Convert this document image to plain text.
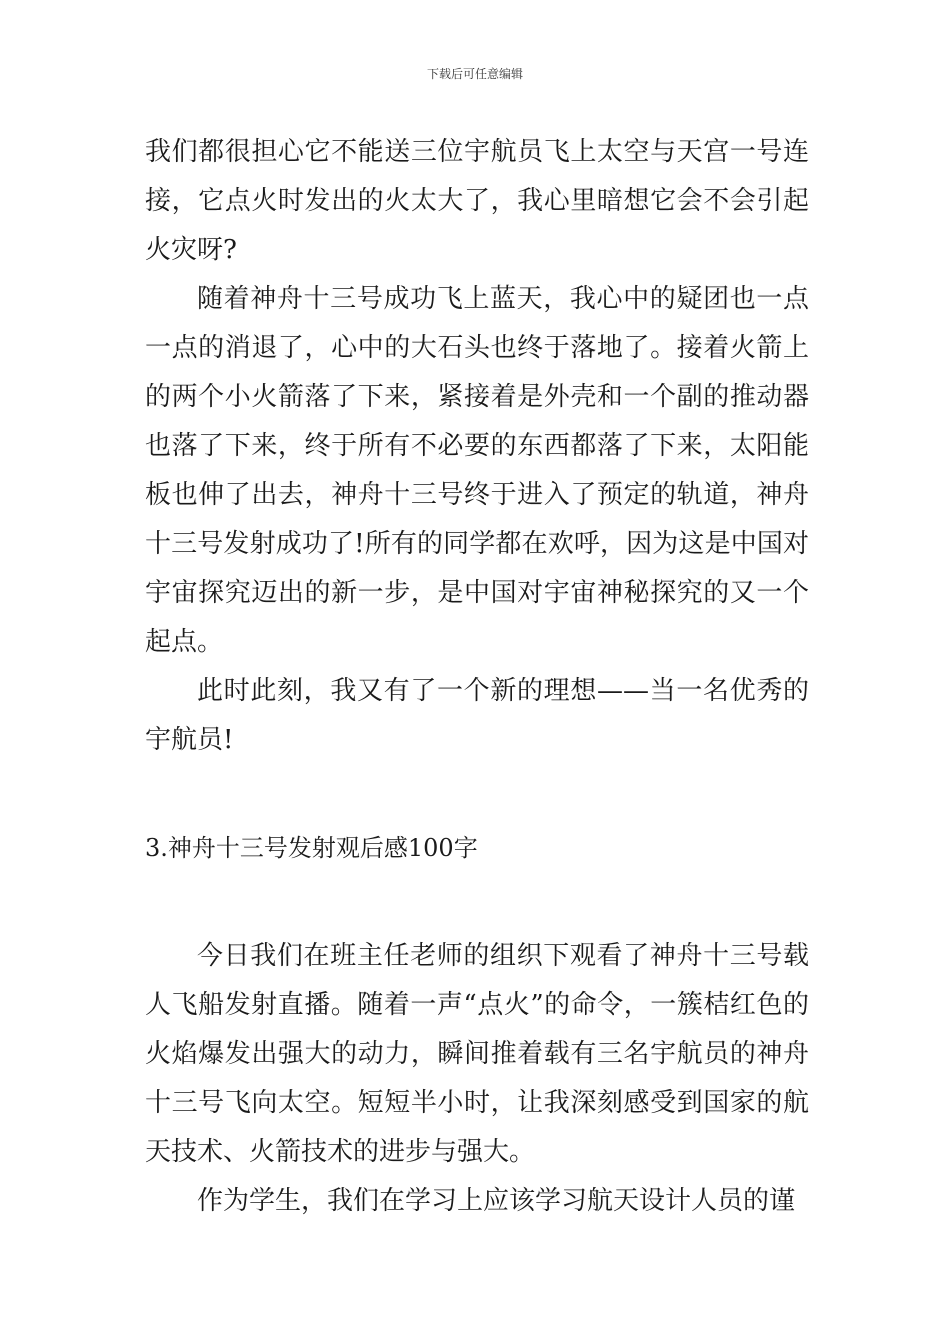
下载后可任意编辑

我们都很担心它不能送三位宇航员飞上太空与天宫一号连接，它点火时发出的火太大了，我心里暗想它会不会引起火灾呀?

随着神舟十三号成功飞上蓝天，我心中的疑团也一点一点的消退了，心中的大石头也终于落地了。接着火箭上的两个小火箭落了下来，紧接着是外壳和一个副的推动器也落了下来，终于所有不必要的东西都落了下来，太阳能板也伸了出去，神舟十三号终于进入了预定的轨道，神舟十三号发射成功了!所有的同学都在欢呼，因为这是中国对宇宙探究迈出的新一步，是中国对宇宙神秘探究的又一个起点。

此时此刻，我又有了一个新的理想——当一名优秀的宇航员!

3.神舟十三号发射观后感100字

今日我们在班主任老师的组织下观看了神舟十三号载人飞船发射直播。随着一声“点火”的命令，一簇桔红色的火焰爆发出强大的动力，瞬间推着载有三名宇航员的神舟十三号飞向太空。短短半小时，让我深刻感受到国家的航天技术、火箭技术的进步与强大。

作为学生，我们在学习上应该学习航天设计人员的谨
